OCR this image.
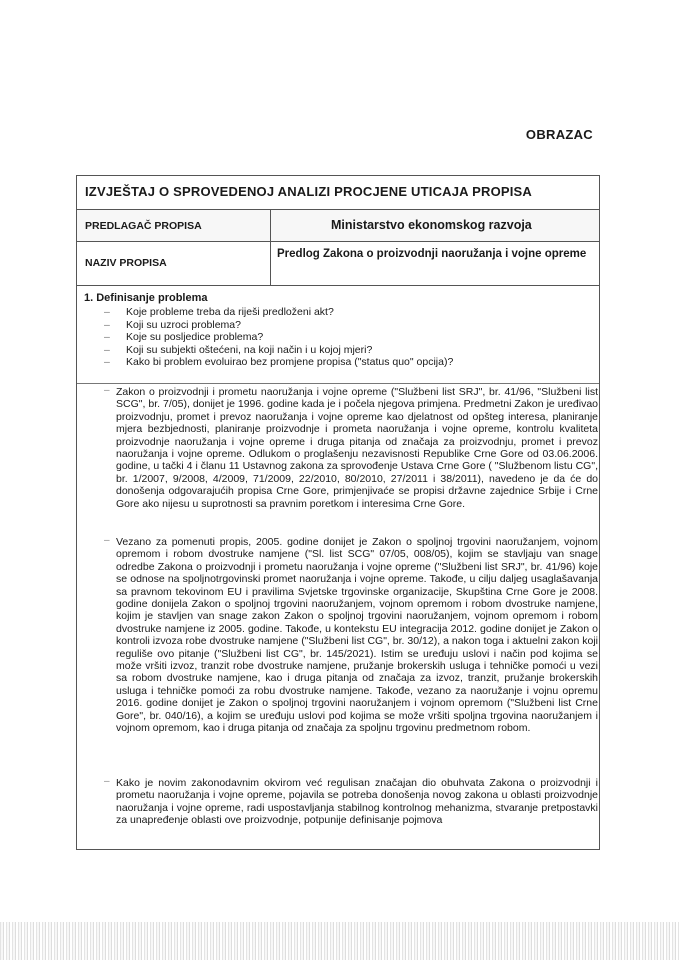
OBRAZAC
IZVJEŠTAJ O SPROVEDENOJ ANALIZI PROCJENE UTICAJA PROPISA
PREDLAGAČ PROPISA	Ministarstvo ekonomskog razvoja
NAZIV PROPISA
Predlog Zakona o proizvodnji naoružanja i vojne opreme
1. Definisanje problema
– Koje probleme treba da riješi predloženi akt?
– Koji su uzroci problema?
– Koje su posljedice problema?
– Koji su subjekti oštećeni, na koji način i u kojoj mjeri?
– Kako bi problem evoluirao bez promjene propisa ("status quo" opcija)?
– Zakon o proizvodnji i prometu naoružanja i vojne opreme ("Službeni list SRJ", br. 41/96, "Službeni list SCG", br. 7/05), donijet je 1996. godine kada je i počela njegova primjena. Predmetni Zakon je uređivao proizvodnju, promet i prevoz naoružanja i vojne opreme kao djelatnost od opšteg interesa, planiranje mjera bezbjednosti, planiranje proizvodnje i prometa naoružanja i vojne opreme, kontrolu kvaliteta proizvodnje naoružanja i vojne opreme i druga pitanja od značaja za proizvodnju, promet i prevoz naoružanja i vojne opreme. Odlukom o proglašenju nezavisnosti Republike Crne Gore od 03.06.2006. godine, u tački 4 i članu 11 Ustavnog zakona za sprovođenje Ustava Crne Gore ( "Službenom listu CG", br. 1/2007, 9/2008, 4/2009, 71/2009, 22/2010, 80/2010, 27/2011 i 38/2011), navedeno je da će do donošenja odgovarajućih propisa Crne Gore, primjenjivaće se propisi državne zajednice Srbije i Crne Gore ako nijesu u suprotnosti sa pravnim poretkom i interesima Crne Gore.

– Vezano za pomenuti propis, 2005. godine donijet je Zakon o spoljnoj trgovini naoružanjem, vojnom opremom i robom dvostruke namjene ("Sl. list SCG" 07/05, 008/05), kojim se stavljaju van snage odredbe Zakona o proizvodnji i prometu naoružanja i vojne opreme ("Službeni list SRJ", br. 41/96) koje se odnose na spoljnotrgovinski promet naoružanja i vojne opreme. Takođe, u cilju daljeg usaglašavanja sa pravnom tekovinom EU i pravilima Svjetske trgovinske organizacije, Skupština Crne Gore je 2008. godine donijela Zakon o spoljnoj trgovini naoružanjem, vojnom opremom i robom dvostruke namjene, kojim je stavljen van snage zakon Zakon o spoljnoj trgovini naoružanjem, vojnom opremom i robom dvostruke namjene iz 2005. godine. Takođe, u kontekstu EU integracija 2012. godine donijet je Zakon o kontroli izvoza robe dvostruke namjene ("Službeni list CG", br. 30/12), a nakon toga i aktuelni zakon koji reguliše ovo pitanje ("Službeni list CG", br. 145/2021). Istim se uređuju uslovi i način pod kojima se može vršiti izvoz, tranzit robe dvostruke namjene, pružanje brokerskih usluga i tehničke pomoći u vezi sa robom dvostruke namjene, kao i druga pitanja od značaja za izvoz, tranzit, pružanje brokerskih usluga i tehničke pomoći za robu dvostruke namjene. Takođe, vezano za naoružanje i vojnu opremu 2016. godine donijet je Zakon o spoljnoj trgovini naoružanjem i vojnom opremom ("Službeni list Crne Gore", br. 040/16), a kojim se uređuju uslovi pod kojima se može vršiti spoljna trgovina naoružanjem i vojnom opremom, kao i druga pitanja od značaja za spoljnu trgovinu predmetnom robom.

– Kako je novim zakonodavnim okvirom već regulisan značajan dio obuhvata Zakona o proizvodnji i prometu naoružanja i vojne opreme, pojavila se potreba donošenja novog zakona u oblasti proizvodnje naoružanja i vojne opreme, radi uspostavljanja stabilnog kontrolnog mehanizma, stvaranje pretpostavki za unapređenje oblasti ove proizvodnje, potpunije definisanje pojmova
